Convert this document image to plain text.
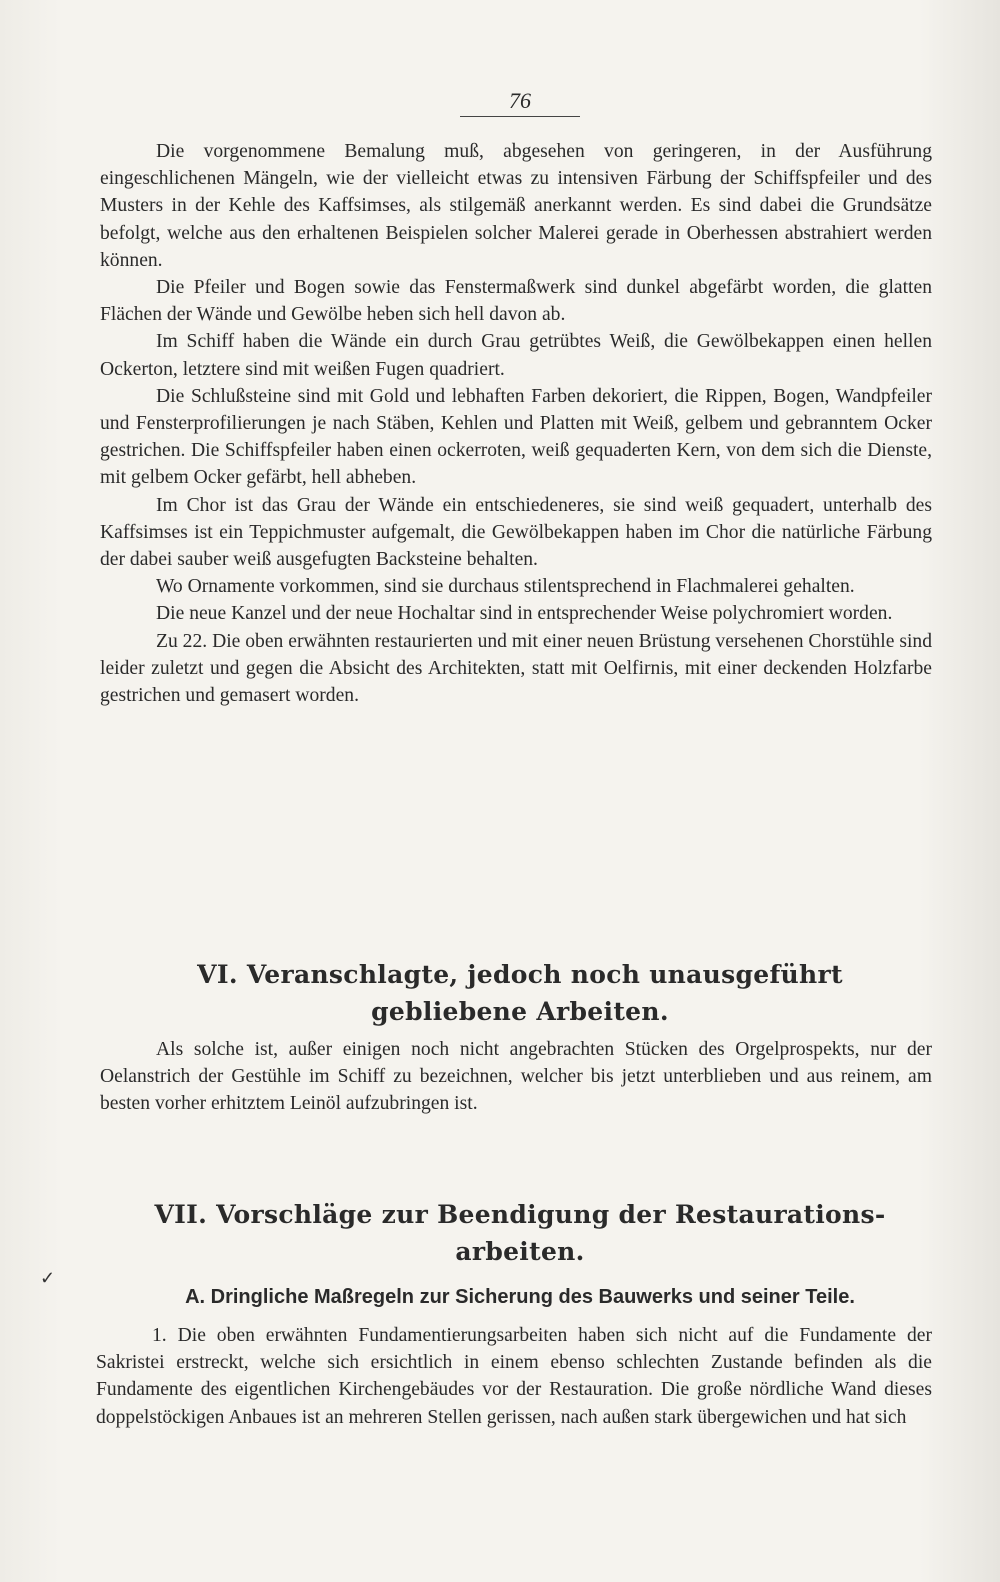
76

Die vorgenommene Bemalung muß, abgesehen von geringeren, in der Ausführung eingeschlichenen Mängeln, wie der vielleicht etwas zu intensiven Färbung der Schiffspfeiler und des Musters in der Kehle des Kaffsimses, als stilgemäß anerkannt werden. Es sind dabei die Grundsätze befolgt, welche aus den erhaltenen Beispielen solcher Malerei gerade in Oberhessen abstrahiert werden können.

Die Pfeiler und Bogen sowie das Fenstermaßwerk sind dunkel abgefärbt worden, die glatten Flächen der Wände und Gewölbe heben sich hell davon ab.

Im Schiff haben die Wände ein durch Grau getrübtes Weiß, die Gewölbekappen einen hellen Ockerton, letztere sind mit weißen Fugen quadriert.

Die Schlußsteine sind mit Gold und lebhaften Farben dekoriert, die Rippen, Bogen, Wandpfeiler und Fensterprofilierungen je nach Stäben, Kehlen und Platten mit Weiß, gelbem und gebranntem Ocker gestrichen. Die Schiffspfeiler haben einen ockerroten, weiß gequaderten Kern, von dem sich die Dienste, mit gelbem Ocker gefärbt, hell abheben.

Im Chor ist das Grau der Wände ein entschiedeneres, sie sind weiß gequadert, unterhalb des Kaffsimses ist ein Teppichmuster aufgemalt, die Gewölbekappen haben im Chor die natürliche Färbung der dabei sauber weiß ausgefugten Backsteine behalten.

Wo Ornamente vorkommen, sind sie durchaus stilentsprechend in Flachmalerei gehalten.

Die neue Kanzel und der neue Hochaltar sind in entsprechender Weise polychromiert worden.

Zu 22. Die oben erwähnten restaurierten und mit einer neuen Brüstung versehenen Chorstühle sind leider zuletzt und gegen die Absicht des Architekten, statt mit Oelfirnis, mit einer deckenden Holzfarbe gestrichen und gemasert worden.

VI. Veranschlagte, jedoch noch unausgeführt
gebliebene Arbeiten.

Als solche ist, außer einigen noch nicht angebrachten Stücken des Orgelprospekts, nur der Oelanstrich der Gestühle im Schiff zu bezeichnen, welcher bis jetzt unterblieben und aus reinem, am besten vorher erhitztem Leinöl aufzubringen ist.

VII. Vorschläge zur Beendigung der Restaurations-
arbeiten.
A. Dringliche Maßregeln zur Sicherung des Bauwerks und seiner Teile.

1. Die oben erwähnten Fundamentierungsarbeiten haben sich nicht auf die Fundamente der Sakristei erstreckt, welche sich ersichtlich in einem ebenso schlechten Zustande befinden als die Fundamente des eigentlichen Kirchengebäudes vor der Restauration. Die große nördliche Wand dieses doppelstöckigen Anbaues ist an mehreren Stellen gerissen, nach außen stark übergewichen und hat sich

✓
